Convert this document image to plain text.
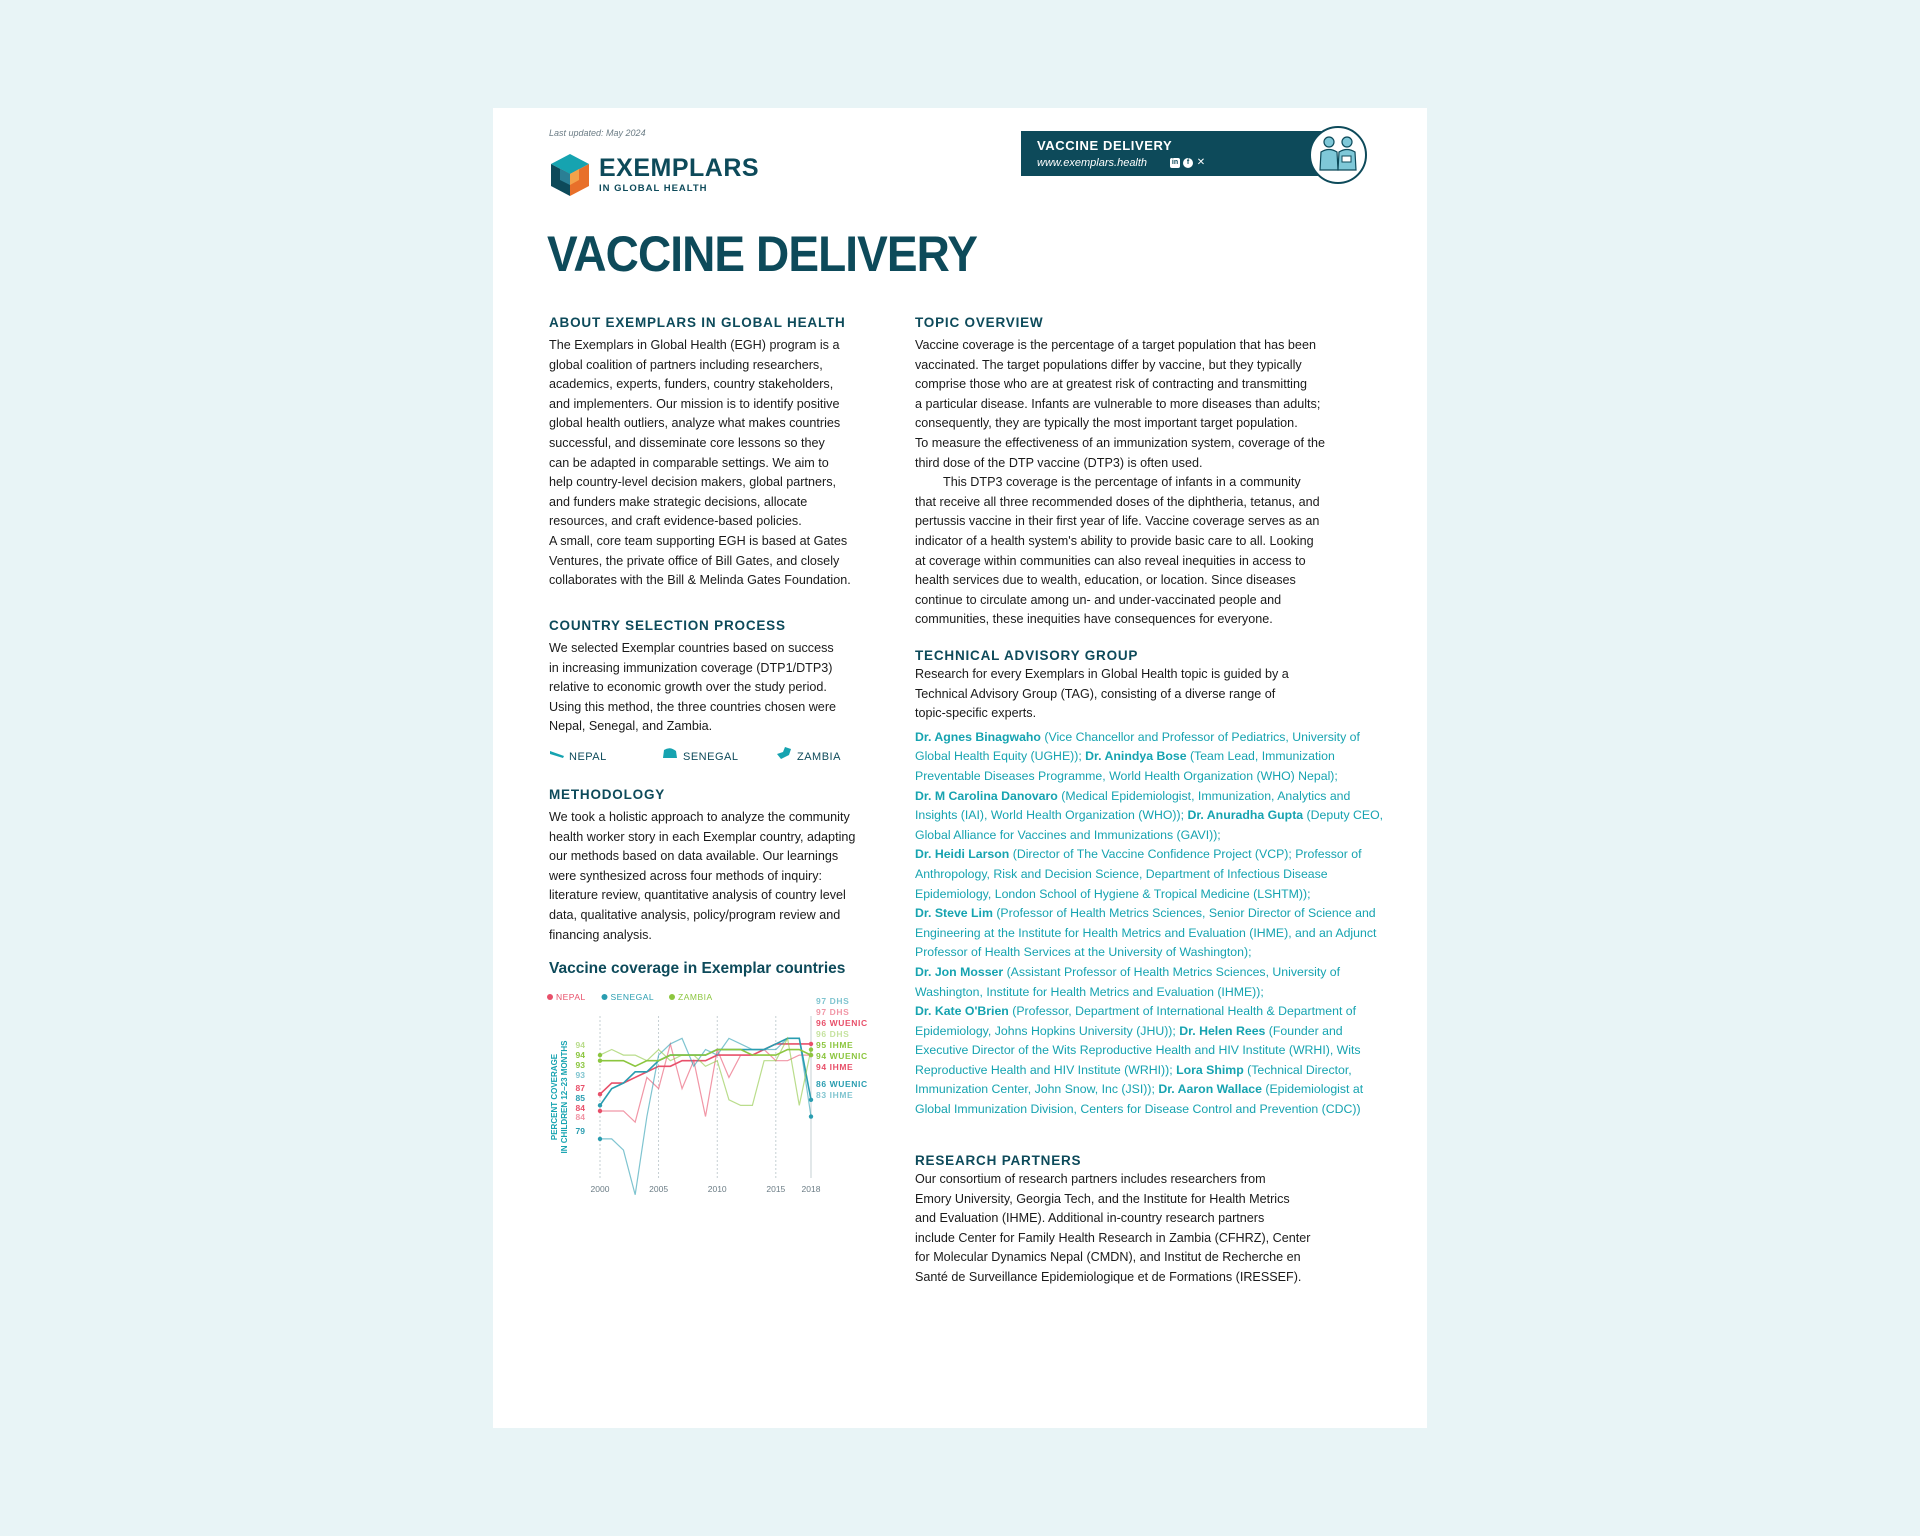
Last updated: May 2024
EXEMPLARS
IN GLOBAL HEALTH
VACCINE DELIVERY
www.exemplars.health	in	f ✕
VACCINE DELIVERY
ABOUT EXEMPLARS IN GLOBAL HEALTH

The Exemplars in Global Health (EGH) program is a

global coalition of partners including researchers,

academics, experts, funders, country stakeholders,

and implementers. Our mission is to identify positive

global health outliers, analyze what makes countries

successful, and disseminate core lessons so they

can be adapted in comparable settings. We aim to

help country-level decision makers, global partners,

and funders make strategic decisions, allocate

resources, and craft evidence-based policies.

A small, core team supporting EGH is based at Gates

Ventures, the private office of Bill Gates, and closely

collaborates with the Bill & Melinda Gates Foundation.

COUNTRY SELECTION PROCESS

We selected Exemplar countries based on success

in increasing immunization coverage (DTP1/DTP3)

relative to economic growth over the study period.

Using this method, the three countries chosen were

Nepal, Senegal, and Zambia.

NEPAL	SENEGAL	ZAMBIA
METHODOLOGY

We took a holistic approach to analyze the community

health worker story in each Exemplar country, adapting

our methods based on data available. Our learnings

were synthesized across four methods of inquiry:

literature review, quantitative analysis of country level

data, qualitative analysis, policy/program review and

financing analysis.

Vaccine coverage in Exemplar countries
NEPAL	SENEGAL	ZAMBIA
PERCENT COVERAGEIN CHILDREN 12–23 MONTHS
2000	2005	2010	2015 2018
94
94
93
93
87
85
84
84
79
97 DHS
97 DHS
96 WUENIC
96 DHS
95 IHME
94 WUENIC
94 IHME
86 WUENIC
83 IHME
TOPIC OVERVIEW

Vaccine coverage is the percentage of a target population that has been

vaccinated. The target populations differ by vaccine, but they typically

comprise those who are at greatest risk of contracting and transmitting

a particular disease. Infants are vulnerable to more diseases than adults;

consequently, they are typically the most important target population.

To measure the effectiveness of an immunization system, coverage of the

third dose of the DTP vaccine (DTP3) is often used.

This DTP3 coverage is the percentage of infants in a community

that receive all three recommended doses of the diphtheria, tetanus, and

pertussis vaccine in their first year of life. Vaccine coverage serves as an

indicator of a health system's ability to provide basic care to all. Looking

at coverage within communities can also reveal inequities in access to

health services due to wealth, education, or location. Since diseases

continue to circulate among un- and under-vaccinated people and

communities, these inequities have consequences for everyone.

TECHNICAL ADVISORY GROUP

Research for every Exemplars in Global Health topic is guided by a

Technical Advisory Group (TAG), consisting of a diverse range of

topic-specific experts.

Dr. Agnes Binagwaho (Vice Chancellor and Professor of Pediatrics, University of Global Health Equity (UGHE)); Dr. Anindya Bose (Team Lead, Immunization Preventable Diseases Programme, World Health Organization (WHO) Nepal);
Dr. M Carolina Danovaro (Medical Epidemiologist, Immunization, Analytics and Insights (IAI), World Health Organization (WHO)); Dr. Anuradha Gupta (Deputy CEO, Global Alliance for Vaccines and Immunizations (GAVI));
Dr. Heidi Larson (Director of The Vaccine Confidence Project (VCP); Professor of Anthropology, Risk and Decision Science, Department of Infectious Disease Epidemiology, London School of Hygiene & Tropical Medicine (LSHTM));
Dr. Steve Lim (Professor of Health Metrics Sciences, Senior Director of Science and Engineering at the Institute for Health Metrics and Evaluation (IHME), and an Adjunct Professor of Health Services at the University of Washington);
Dr. Jon Mosser (Assistant Professor of Health Metrics Sciences, University of Washington, Institute for Health Metrics and Evaluation (IHME));
Dr. Kate O'Brien (Professor, Department of International Health & Department of Epidemiology, Johns Hopkins University (JHU)); Dr. Helen Rees (Founder and Executive Director of the Wits Reproductive Health and HIV Institute (WRHI), Wits Reproductive Health and HIV Institute (WRHI)); Lora Shimp (Technical Director, Immunization Center, John Snow, Inc (JSI)); Dr. Aaron Wallace (Epidemiologist at Global Immunization Division, Centers for Disease Control and Prevention (CDC))
RESEARCH PARTNERS

Our consortium of research partners includes researchers from

Emory University, Georgia Tech, and the Institute for Health Metrics

and Evaluation (IHME). Additional in-country research partners

include Center for Family Health Research in Zambia (CFHRZ), Center

for Molecular Dynamics Nepal (CMDN), and Institut de Recherche en

Santé de Surveillance Epidemiologique et de Formations (IRESSEF).
